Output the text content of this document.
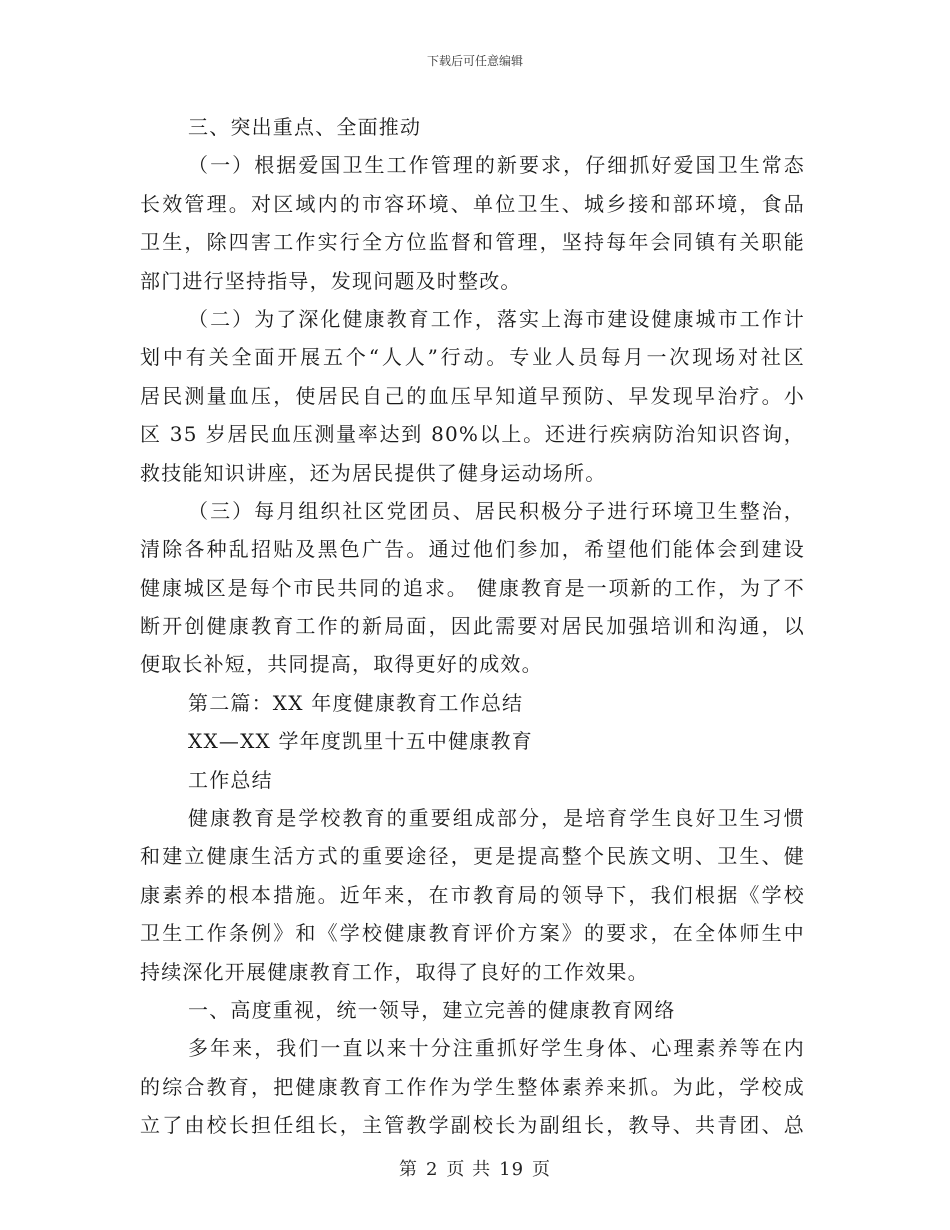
下载后可任意编辑
三、突出重点、全面推动
（一）根据爱国卫生工作管理的新要求，仔细抓好爱国卫生常态
长效管理。对区域内的市容环境、单位卫生、城乡接和部环境，食品
卫生，除四害工作实行全方位监督和管理，坚持每年会同镇有关职能
部门进行坚持指导，发现问题及时整改。
（二）为了深化健康教育工作，落实上海市建设健康城市工作计
划中有关全面开展五个“人人”行动。专业人员每月一次现场对社区
居民测量血压，使居民自己的血压早知道早预防、早发现早治疗。小
区 35 岁居民血压测量率达到 80%以上。还进行疾病防治知识咨询，
救技能知识讲座，还为居民提供了健身运动场所。
（三）每月组织社区党团员、居民积极分子进行环境卫生整治，
清除各种乱招贴及黑色广告。通过他们参加，希望他们能体会到建设
健康城区是每个市民共同的追求。 健康教育是一项新的工作，为了不
断开创健康教育工作的新局面，因此需要对居民加强培训和沟通，以
便取长补短，共同提高，取得更好的成效。
第二篇：XX 年度健康教育工作总结
XX—XX 学年度凯里十五中健康教育
工作总结
健康教育是学校教育的重要组成部分，是培育学生良好卫生习惯
和建立健康生活方式的重要途径，更是提高整个民族文明、卫生、健
康素养的根本措施。近年来，在市教育局的领导下，我们根据《学校
卫生工作条例》和《学校健康教育评价方案》的要求，在全体师生中
持续深化开展健康教育工作，取得了良好的工作效果。
一、高度重视，统一领导，建立完善的健康教育网络
多年来，我们一直以来十分注重抓好学生身体、心理素养等在内
的综合教育，把健康教育工作作为学生整体素养来抓。为此，学校成
立了由校长担任组长，主管教学副校长为副组长，教导、共青团、总
第 2 页 共 19 页
